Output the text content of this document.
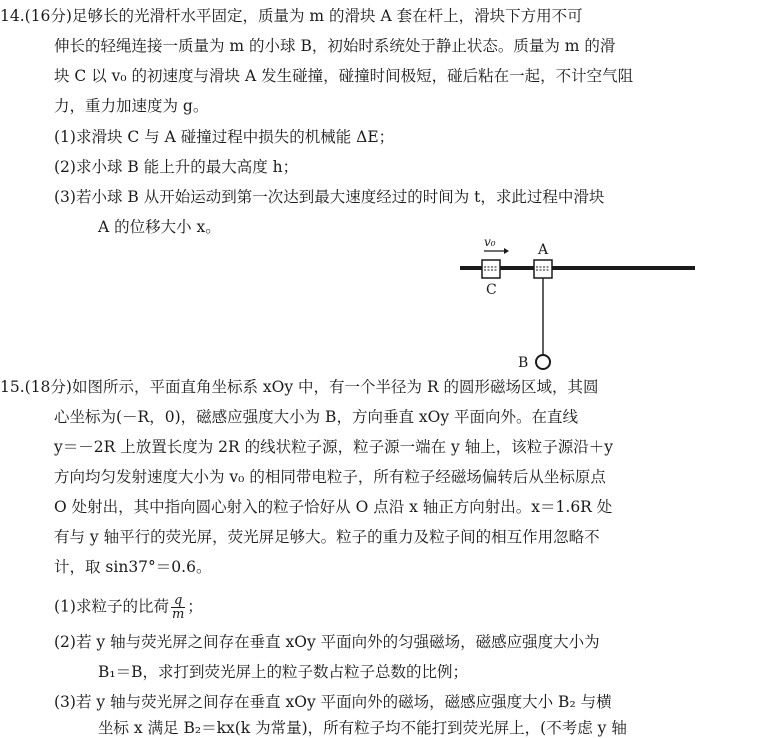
14.(16分)足够长的光滑杆水平固定，质量为 m 的滑块 A 套在杆上，滑块下方用不可
伸长的轻绳连接一质量为 m 的小球 B，初始时系统处于静止状态。质量为 m 的滑
块 C 以 v₀ 的初速度与滑块 A 发生碰撞，碰撞时间极短，碰后粘在一起，不计空气阻
力，重力加速度为 g。
(1)求滑块 C 与 A 碰撞过程中损失的机械能 ΔE；
(2)求小球 B 能上升的最大高度 h；
(3)若小球 B 从开始运动到第一次达到最大速度经过的时间为 t，求此过程中滑块
A 的位移大小 x。
v₀	A
C
B
15.(18分)如图所示，平面直角坐标系 xOy 中，有一个半径为 R 的圆形磁场区域，其圆
心坐标为(－R，0)，磁感应强度大小为 B，方向垂直 xOy 平面向外。在直线
y＝－2R 上放置长度为 2R 的线状粒子源，粒子源一端在 y 轴上，该粒子源沿＋y
方向均匀发射速度大小为 v₀ 的相同带电粒子，所有粒子经磁场偏转后从坐标原点
O 处射出，其中指向圆心射入的粒子恰好从 O 点沿 x 轴正方向射出。x＝1.6R 处
有与 y 轴平行的荧光屏，荧光屏足够大。粒子的重力及粒子间的相互作用忽略不
计，取 sin37°＝0.6。
(1)求粒子的比荷 $\frac{q}{m}$ ；
(2)若 y 轴与荧光屏之间存在垂直 xOy 平面向外的匀强磁场，磁感应强度大小为
B₁＝B，求打到荧光屏上的粒子数占粒子总数的比例；
(3)若 y 轴与荧光屏之间存在垂直 xOy 平面向外的磁场，磁感应强度大小 B₂ 与横
坐标 x 满足 B₂＝kx(k 为常量)，所有粒子均不能打到荧光屏上，(不考虑 y 轴
